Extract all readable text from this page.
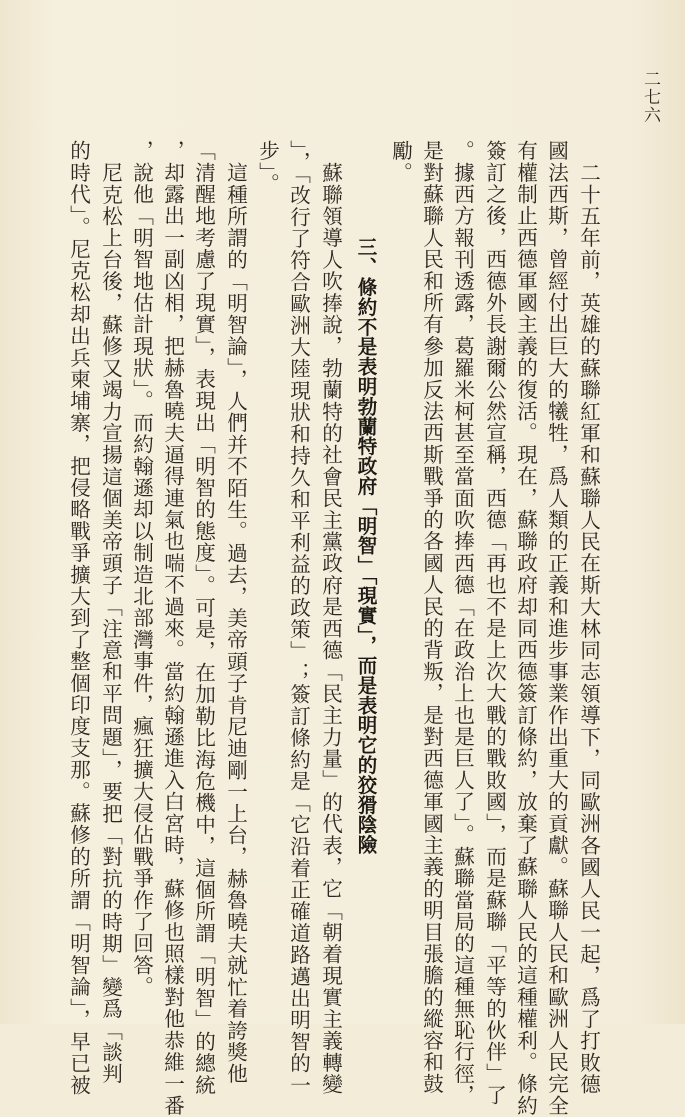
二七六
二十五年前，英雄的蘇聯紅軍和蘇聯人民在斯大林同志領導下，同歐洲各國人民一起，爲了打敗德
國法西斯，曾經付出巨大的犧牲，爲人類的正義和進步事業作出重大的貢獻。蘇聯人民和歐洲人民完全
有權制止西德軍國主義的復活。現在，蘇聯政府却同西德簽訂條約，放棄了蘇聯人民的這種權利。條約
簽訂之後，西德外長謝爾公然宣稱，西德「再也不是上次大戰的戰敗國」，而是蘇聯「平等的伙伴」了
。據西方報刊透露，葛羅米柯甚至當面吹捧西德「在政治上也是巨人了」。蘇聯當局的這種無恥行徑，
是對蘇聯人民和所有參加反法西斯戰爭的各國人民的背叛，是對西德軍國主義的明目張膽的縱容和鼓
勵。
三、條約不是表明勃蘭特政府「明智」「現實」，而是表明它的狡猾陰險
蘇聯領導人吹捧說，勃蘭特的社會民主黨政府是西德「民主力量」的代表，它「朝着現實主義轉變
」，「改行了符合歐洲大陸現狀和持久和平利益的政策」；簽訂條約是「它沿着正確道路邁出明智的一
步」。
這種所謂的「明智論」，人們并不陌生。過去，美帝頭子肯尼迪剛一上台，赫魯曉夫就忙着誇獎他
「清醒地考慮了現實」，表現出「明智的態度」。可是，在加勒比海危機中，這個所謂「明智」的總統
，却露出一副凶相，把赫魯曉夫逼得連氣也喘不過來。當約翰遜進入白宮時，蘇修也照樣對他恭維一番
，說他「明智地估計現狀」。而約翰遜却以制造北部灣事件，瘋狂擴大侵佔戰爭作了回答。
尼克松上台後，蘇修又竭力宣揚這個美帝頭子「注意和平問題」，要把「對抗的時期」變爲「談判
的時代」。尼克松却出兵柬埔寨，把侵略戰爭擴大到了整個印度支那。蘇修的所謂「明智論」，早已被
